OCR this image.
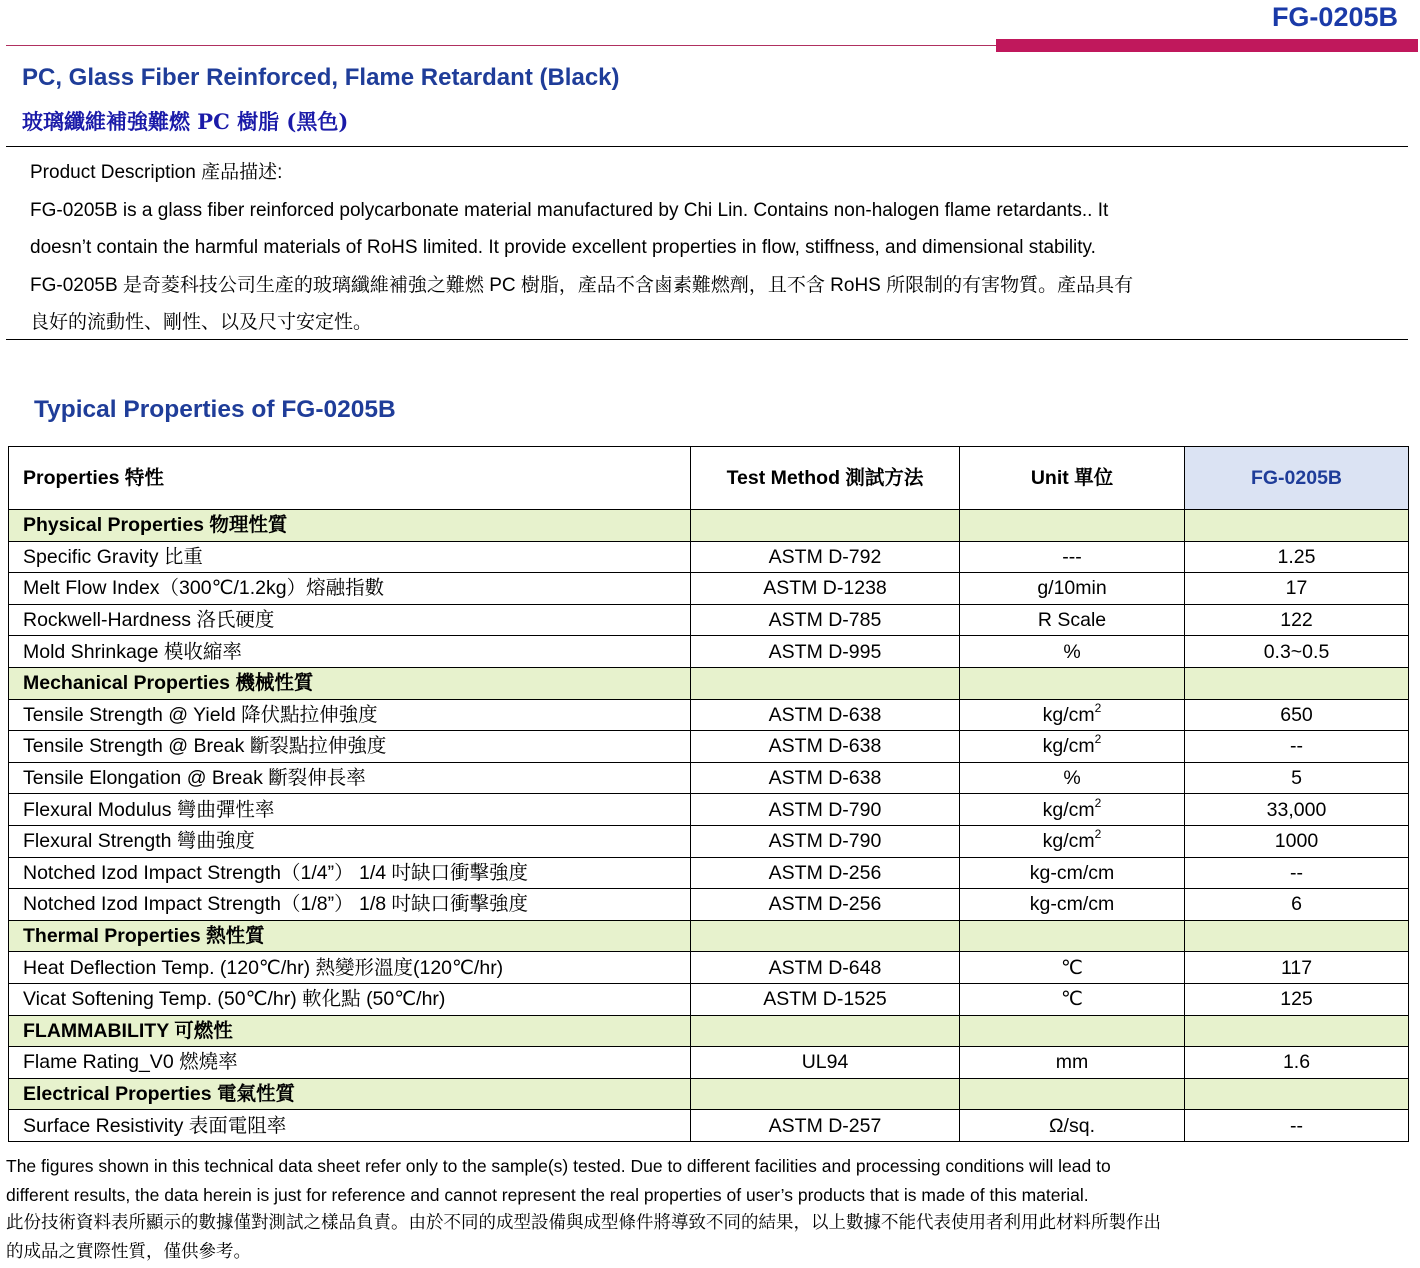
FG-0205B
PC, Glass Fiber Reinforced, Flame Retardant (Black)
玻璃纖維補強難燃 PC 樹脂 (黑色)
Product Description 產品描述:
FG-0205B is a glass fiber reinforced polycarbonate material manufactured by Chi Lin. Contains non-halogen flame retardants.. It
doesn’t contain the harmful materials of RoHS limited. It provide excellent properties in flow, stiffness, and dimensional stability.
FG-0205B 是奇菱科技公司生產的玻璃纖維補強之難燃 PC 樹脂，產品不含鹵素難燃劑，且不含 RoHS 所限制的有害物質。產品具有
良好的流動性、剛性、以及尺寸安定性。
Typical Properties of FG-0205B
Properties 特性	Test Method 測試方法	Unit 單位	FG-0205B
Physical Properties 物理性質			
Specific Gravity 比重	ASTM D-792	---	1.25
Melt Flow Index（300℃/1.2kg）熔融指數	ASTM D-1238	g/10min	17
Rockwell-Hardness 洛氏硬度	ASTM D-785	R Scale	122
Mold Shrinkage 模收縮率	ASTM D-995	%	0.3~0.5
Mechanical Properties 機械性質			
Tensile Strength @ Yield 降伏點拉伸強度	ASTM D-638	$kg/cm^2$	650
Tensile Strength @ Break 斷裂點拉伸強度	ASTM D-638	$kg/cm^2$	--
Tensile Elongation @ Break 斷裂伸長率	ASTM D-638	%	5
Flexural Modulus 彎曲彈性率	ASTM D-790	$kg/cm^2$	33,000
Flexural Strength 彎曲強度	ASTM D-790	$kg/cm^2$	1000
Notched Izod Impact Strength（1/4”） 1/4 吋缺口衝擊強度	ASTM D-256	kg-cm/cm	--
Notched Izod Impact Strength（1/8”） 1/8 吋缺口衝擊強度	ASTM D-256	kg-cm/cm	6
Thermal Properties 熱性質			
Heat Deflection Temp. (120℃/hr) 熱變形溫度(120℃/hr)	ASTM D-648	℃	117
Vicat Softening Temp. (50℃/hr) 軟化點 (50℃/hr)	ASTM D-1525	℃	125
FLAMMABILITY 可燃性			
Flame Rating_V0 燃燒率	UL94	mm	1.6
Electrical Properties 電氣性質			
Surface Resistivity 表面電阻率	ASTM D-257	Ω/sq.	--
The figures shown in this technical data sheet refer only to the sample(s) tested. Due to different facilities and processing conditions will lead to
different results, the data herein is just for reference and cannot represent the real properties of user’s products that is made of this material.
此份技術資料表所顯示的數據僅對測試之樣品負責。由於不同的成型設備與成型條件將導致不同的結果，以上數據不能代表使用者利用此材料所製作出
的成品之實際性質，僅供參考。
